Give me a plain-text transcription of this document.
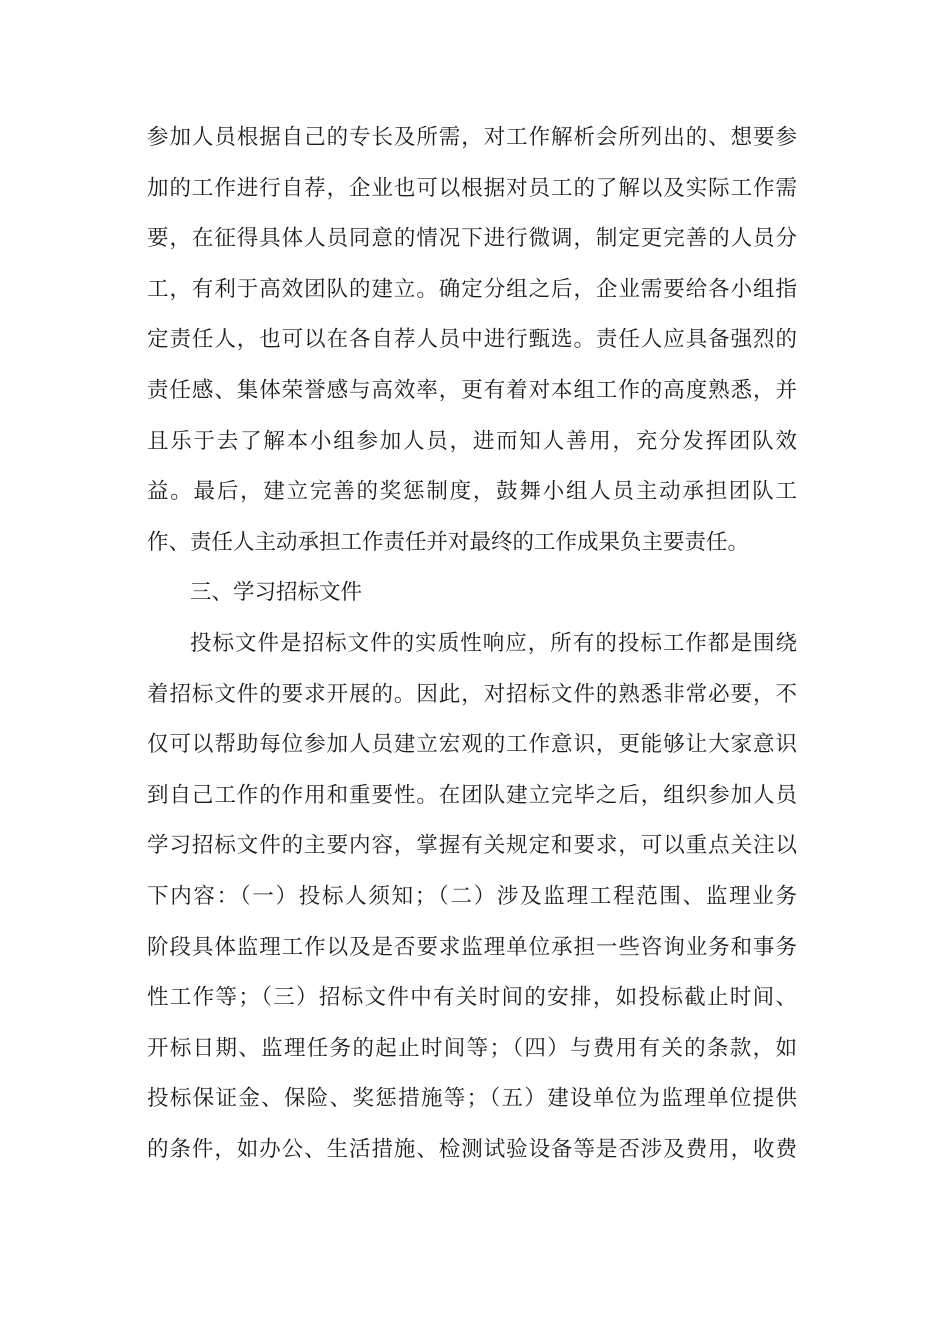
参加人员根据自己的专长及所需，对工作解析会所列出的、想要参
加的工作进行自荐，企业也可以根据对员工的了解以及实际工作需
要，在征得具体人员同意的情况下进行微调，制定更完善的人员分
工，有利于高效团队的建立。确定分组之后，企业需要给各小组指
定责任人，也可以在各自荐人员中进行甄选。责任人应具备强烈的
责任感、集体荣誉感与高效率，更有着对本组工作的高度熟悉，并
且乐于去了解本小组参加人员，进而知人善用，充分发挥团队效
益。最后，建立完善的奖惩制度，鼓舞小组人员主动承担团队工
作、责任人主动承担工作责任并对最终的工作成果负主要责任。
三、学习招标文件
投标文件是招标文件的实质性响应，所有的投标工作都是围绕
着招标文件的要求开展的。因此，对招标文件的熟悉非常必要，不
仅可以帮助每位参加人员建立宏观的工作意识，更能够让大家意识
到自己工作的作用和重要性。在团队建立完毕之后，组织参加人员
学习招标文件的主要内容，掌握有关规定和要求，可以重点关注以
下内容：（一）投标人须知；（二）涉及监理工程范围、监理业务
阶段具体监理工作以及是否要求监理单位承担一些咨询业务和事务
性工作等；（三）招标文件中有关时间的安排，如投标截止时间、
开标日期、监理任务的起止时间等；（四）与费用有关的条款，如
投标保证金、保险、奖惩措施等；（五）建设单位为监理单位提供
的条件，如办公、生活措施、检测试验设备等是否涉及费用，收费
